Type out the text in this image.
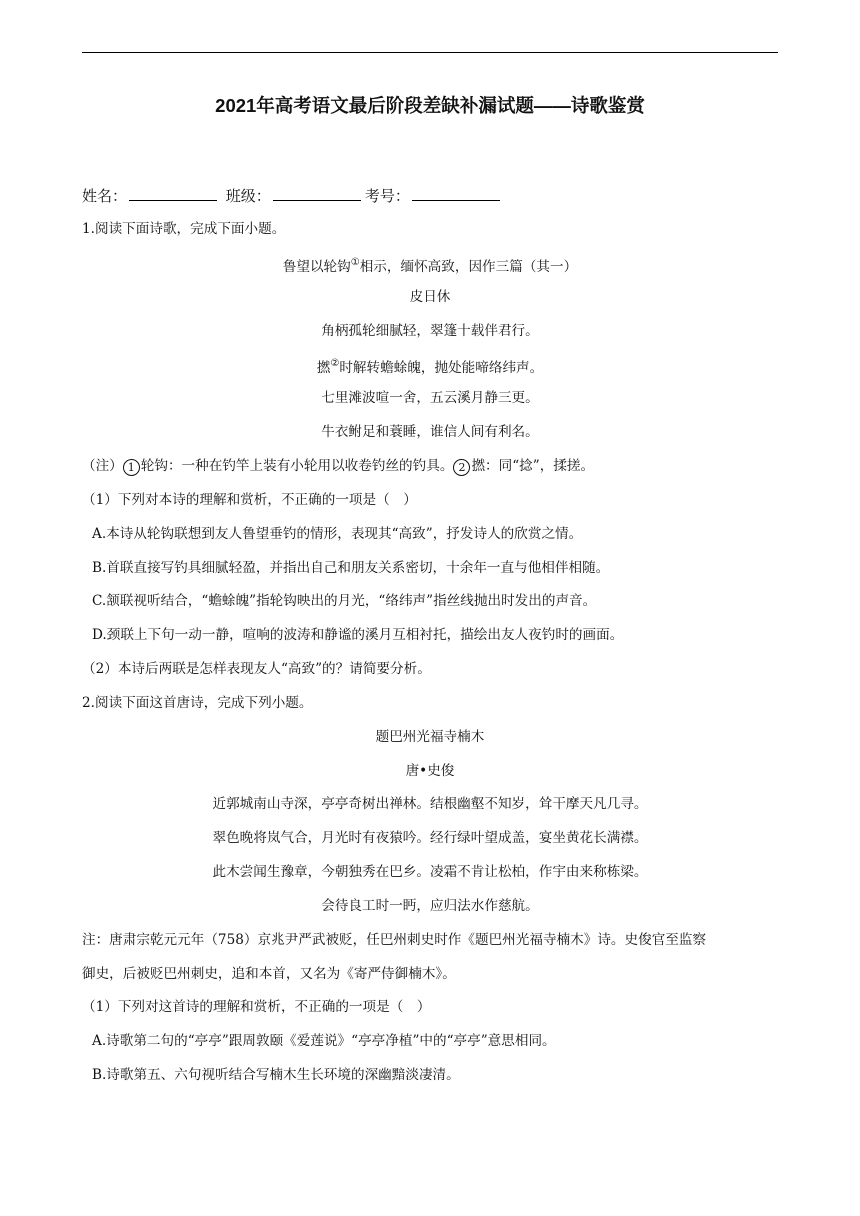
2021年高考语文最后阶段差缺补漏试题——诗歌鉴赏
姓名：	班级：	考号：
1.阅读下面诗歌，完成下面小题。
鲁望以轮钩①相示，缅怀高致，因作三篇（其一）
皮日休
角柄孤轮细腻轻，翠篷十载伴君行。
撚②时解转蟾蜍魄，抛处能啼络纬声。
七里滩波喧一舍，五云溪月静三更。
牛衣鲋足和蓑睡，谁信人间有利名。
（注） 1 轮钩：一种在钓竿上装有小轮用以收卷钓丝的钓具。 2 撚：同“捻”，揉搓。
（1）下列对本诗的理解和赏析，不正确的一项是（　）
A.本诗从轮钩联想到友人鲁望垂钓的情形，表现其“高致”，抒发诗人的欣赏之情。
B.首联直接写钓具细腻轻盈，并指出自己和朋友关系密切，十余年一直与他相伴相随。
C.颔联视听结合，“蟾蜍魄”指轮钩映出的月光，“络纬声”指丝线抛出时发出的声音。
D.颈联上下句一动一静，喧响的波涛和静谧的溪月互相衬托，描绘出友人夜钓时的画面。
（2）本诗后两联是怎样表现友人“高致”的？请简要分析。
2.阅读下面这首唐诗，完成下列小题。
题巴州光福寺楠木
唐•史俊
近郭城南山寺深，亭亭奇树出禅林。结根幽壑不知岁，耸干摩天凡几寻。
翠色晚将岚气合，月光时有夜猿吟。经行绿叶望成盖，宴坐黄花长满襟。
此木尝闻生豫章，今朝独秀在巴乡。凌霜不肯让松柏，作宇由来称栋梁。
会待良工时一眄，应归法水作慈航。
注：唐肃宗乾元元年（758）京兆尹严武被贬，任巴州刺史时作《题巴州光福寺楠木》诗。史俊官至监察
御史，后被贬巴州刺史，追和本首，又名为《寄严侍御楠木》。
（1）下列对这首诗的理解和赏析，不正确的一项是（　）
A.诗歌第二句的“亭亭”跟周敦颐《爱莲说》“亭亭净植”中的“亭亭”意思相同。
B.诗歌第五、六句视听结合写楠木生长环境的深幽黯淡凄清。
